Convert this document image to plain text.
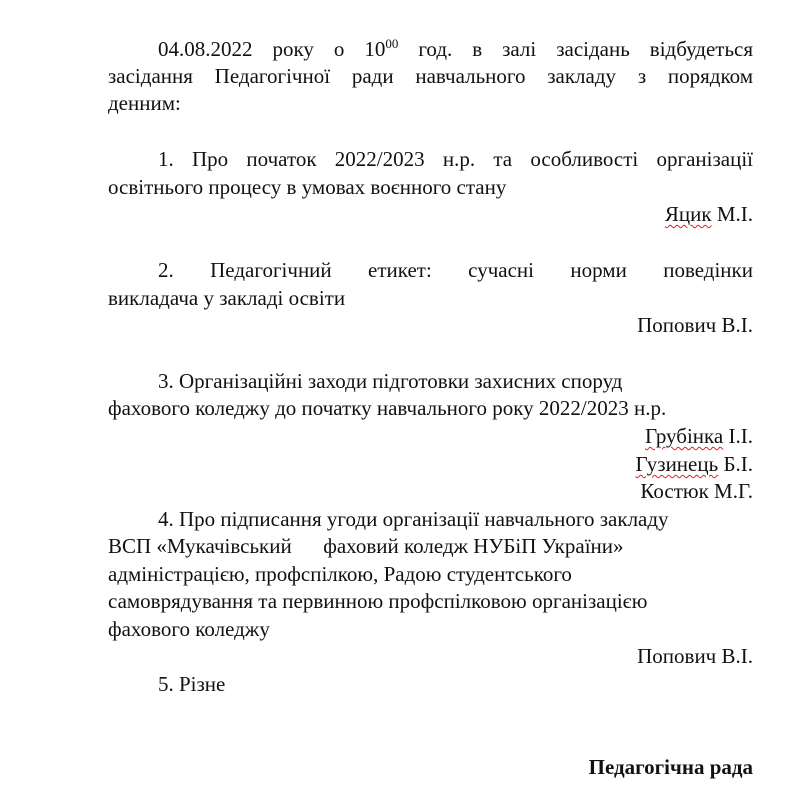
04.08.2022 року о $10^{00}$ год. в залі засідань відбудеться
засідання Педагогічної ради навчального закладу з порядком
денним:
1. Про початок 2022/2023 н.р. та особливості організації
освітнього процесу в умовах воєнного стану
Яцик М.І.
2. Педагогічний етикет: сучасні норми поведінки
викладача у закладі освіти
Попович В.І.
3. Організаційні заходи підготовки захисних споруд
фахового коледжу до початку навчального року 2022/2023 н.р.
Грубінка І.І.
Гузинець Б.І.
Костюк М.Г.
4. Про підписання угоди організації навчального закладу
ВСП «Мукачівський      фаховий коледж НУБіП України»
адміністрацією, профспілкою, Радою студентського
самоврядування та первинною профспілковою організацією
фахового коледжу
Попович В.І.
5. Різне
Педагогічна рада
